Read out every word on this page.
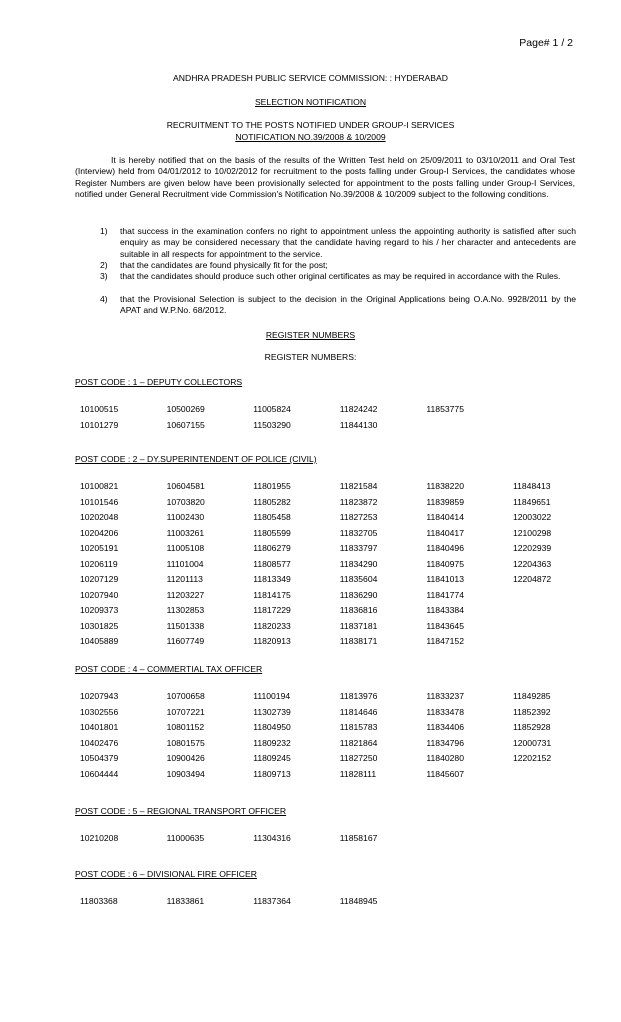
Page# 1 / 2
ANDHRA PRADESH PUBLIC SERVICE COMMISSION: : HYDERABAD
SELECTION NOTIFICATION
RECRUITMENT TO THE POSTS NOTIFIED UNDER GROUP-I SERVICES
NOTIFICATION NO.39/2008 & 10/2009

It is hereby notified that on the basis of the results of the Written Test held on 25/09/2011 to 03/10/2011 and Oral Test (Interview) held from 04/01/2012 to 10/02/2012 for recruitment to the posts falling under Group-I Services, the candidates whose Register Numbers are given below have been provisionally selected for appointment to the posts falling under Group-I Services, notified under General Recruitment vide Commission's Notification No.39/2008 & 10/2009 subject to the following conditions.

1)	that success in the examination confers no right to appointment unless the appointing authority is satisfied after such enquiry as may be considered necessary that the candidate having regard to his / her character and antecedents are suitable in all respects for appointment to the service.
2)	that the candidates are found physically fit for the post;
3)	that the candidates should produce such other original certificates as may be required in accordance with the Rules.
4)	that the Provisional Selection is subject to the decision in the Original Applications being O.A.No. 9928/2011 by the APAT and W.P.No. 68/2012.
REGISTER NUMBERS
REGISTER NUMBERS:
POST CODE : 1 – DEPUTY COLLECTORS
10100515	10500269	11005824	11824242	11853775
10101279	10607155	11503290	11844130
POST CODE : 2 – DY.SUPERINTENDENT OF POLICE (CIVIL)
10100821	10604581	11801955	11821584	11838220	11848413
10101546	10703820	11805282	11823872	11839859	11849651
10202048	11002430	11805458	11827253	11840414	12003022
10204206	11003261	11805599	11832705	11840417	12100298
10205191	11005108	11806279	11833797	11840496	12202939
10206119	11101004	11808577	11834290	11840975	12204363
10207129	11201113	11813349	11835604	11841013	12204872
10207940	11203227	11814175	11836290	11841774
10209373	11302853	11817229	11836816	11843384
10301825	11501338	11820233	11837181	11843645
10405889	11607749	11820913	11838171	11847152
POST CODE : 4 – COMMERTIAL TAX OFFICER
10207943	10700658	11100194	11813976	11833237	11849285
10302556	10707221	11302739	11814646	11833478	11852392
10401801	10801152	11804950	11815783	11834406	11852928
10402476	10801575	11809232	11821864	11834796	12000731
10504379	10900426	11809245	11827250	11840280	12202152
10604444	10903494	11809713	11828111	11845607
POST CODE : 5 – REGIONAL TRANSPORT OFFICER
10210208	11000635	11304316	11858167
POST CODE : 6 – DIVISIONAL FIRE OFFICER
11803368	11833861	11837364	11848945
